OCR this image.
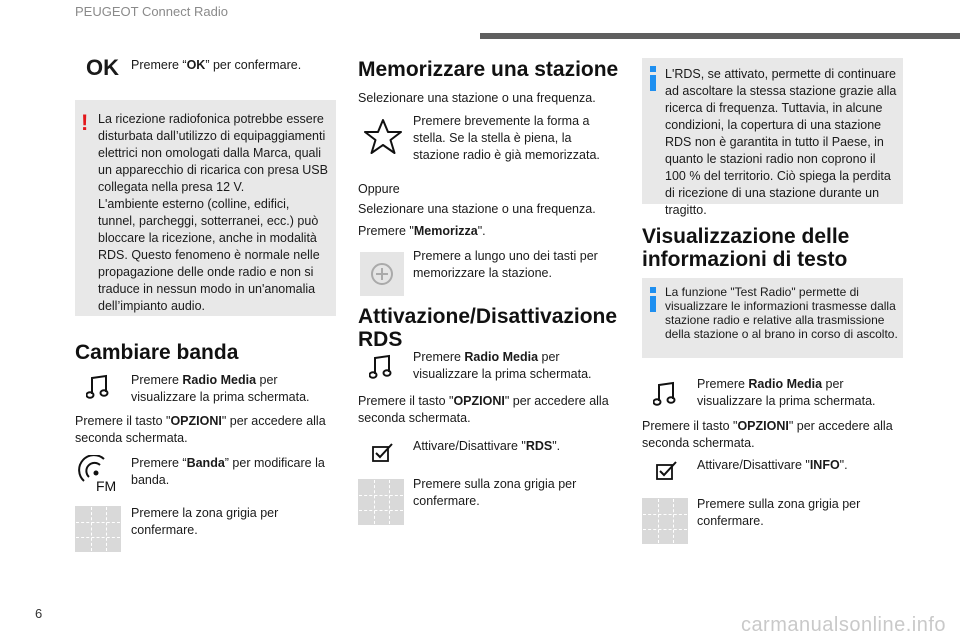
PEUGEOT Connect Radio
OK Premere “OK” per confermare.
! La ricezione radiofonica potrebbe essere disturbata dall’utilizzo di equipaggiamenti elettrici non omologati dalla Marca, quali un apparecchio di ricarica con presa USB collegata nella presa 12 V.
L'ambiente esterno (colline, edifici, tunnel, parcheggi, sotterranei, ecc.) può bloccare la ricezione, anche in modalità RDS. Questo fenomeno è normale nelle propagazione delle onde radio e non si traduce in nessun modo in un'anomalia dell’impianto audio.
Cambiare banda
Premere Radio Media per visualizzare la prima schermata.
Premere il tasto "OPZIONI" per accedere alla seconda schermata.
FM
Premere “Banda” per modificare la banda.
Premere la zona grigia per confermare.
Memorizzare una stazione
Selezionare una stazione o una frequenza.
Premere brevemente la forma a stella. Se la stella è piena, la stazione radio è già memorizzata.
Oppure
Selezionare una stazione o una frequenza.
Premere "Memorizza".
Premere a lungo uno dei tasti per memorizzare la stazione.
Attivazione/Disattivazione RDS
Premere Radio Media per visualizzare la prima schermata.
Premere il tasto "OPZIONI" per accedere alla seconda schermata.
Attivare/Disattivare "RDS".
Premere sulla zona grigia per confermare.
L'RDS, se attivato, permette di continuare ad ascoltare la stessa stazione grazie alla ricerca di frequenza. Tuttavia, in alcune condizioni, la copertura di una stazione RDS non è garantita in tutto il Paese, in quanto le stazioni radio non coprono il 100 % del territorio. Ciò spiega la perdita di ricezione di una stazione durante un tragitto.
Visualizzazione delle informazioni di testo
La funzione "Test Radio" permette di visualizzare le informazioni trasmesse dalla stazione radio e relative alla trasmissione della stazione o al brano in corso di ascolto.
Premere Radio Media per visualizzare la prima schermata.
Premere il tasto "OPZIONI" per accedere alla seconda schermata.
Attivare/Disattivare "INFO".
Premere sulla zona grigia per confermare.
6
carmanualsonline.info
